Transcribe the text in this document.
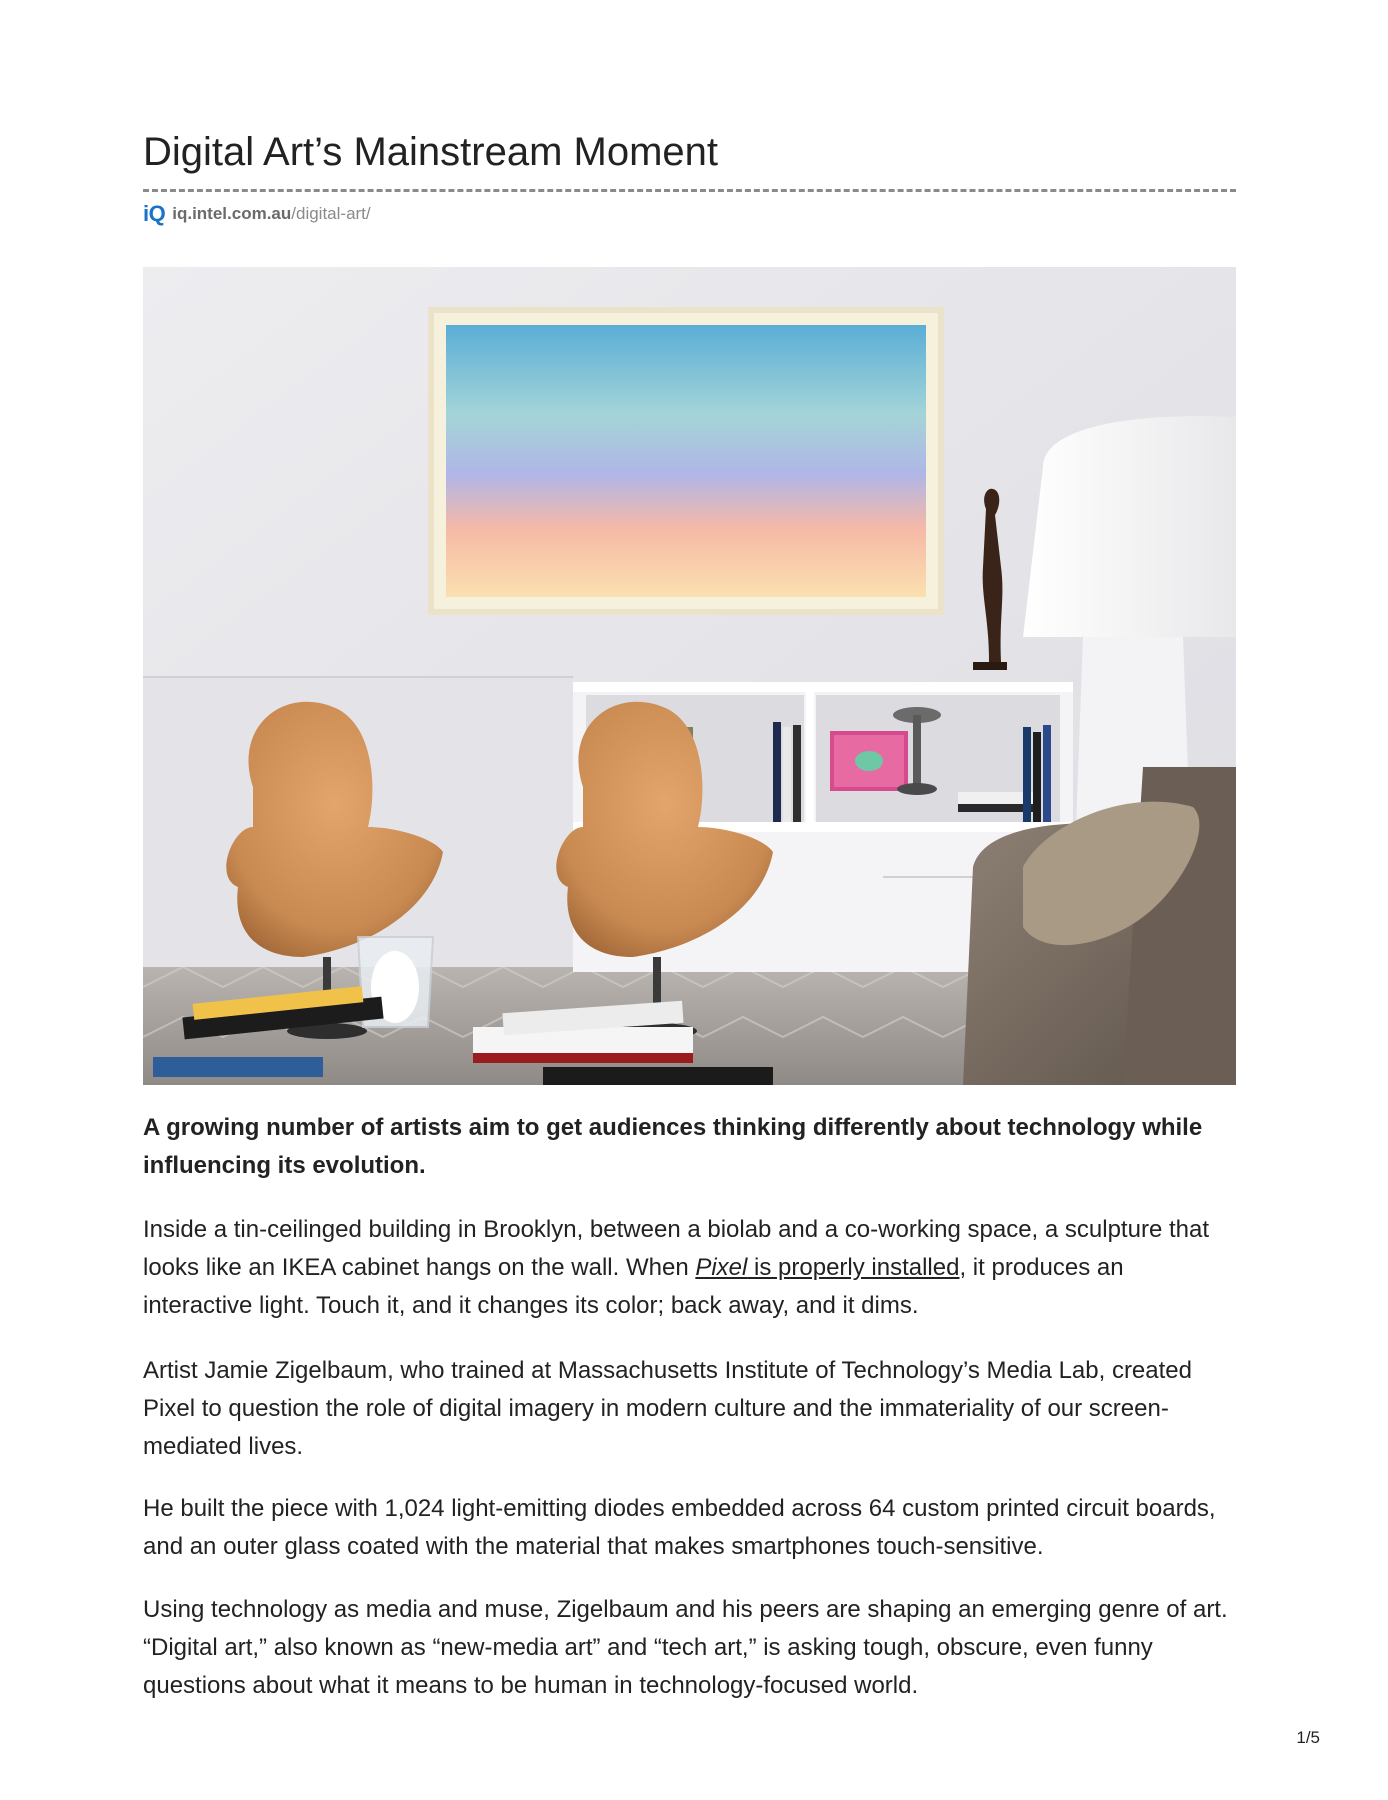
Digital Art’s Mainstream Moment
iQ iq.intel.com.au /digital-art/

A growing number of artists aim to get audiences thinking differently about technology while influencing its evolution.

Inside a tin-ceilinged building in Brooklyn, between a biolab and a co-working space, a sculpture that looks like an IKEA cabinet hangs on the wall. When Pixel is properly installed, it produces an interactive light. Touch it, and it changes its color; back away, and it dims.

Artist Jamie Zigelbaum, who trained at Massachusetts Institute of Technology’s Media Lab, created Pixel to question the role of digital imagery in modern culture and the immateriality of our screen-mediated lives.

He built the piece with 1,024 light-emitting diodes embedded across 64 custom printed circuit boards, and an outer glass coated with the material that makes smartphones touch-sensitive.

Using technology as media and muse, Zigelbaum and his peers are shaping an emerging genre of art. “Digital art,” also known as “new-media art” and “tech art,” is asking tough, obscure, even funny questions about what it means to be human in technology-focused world.

1/5
